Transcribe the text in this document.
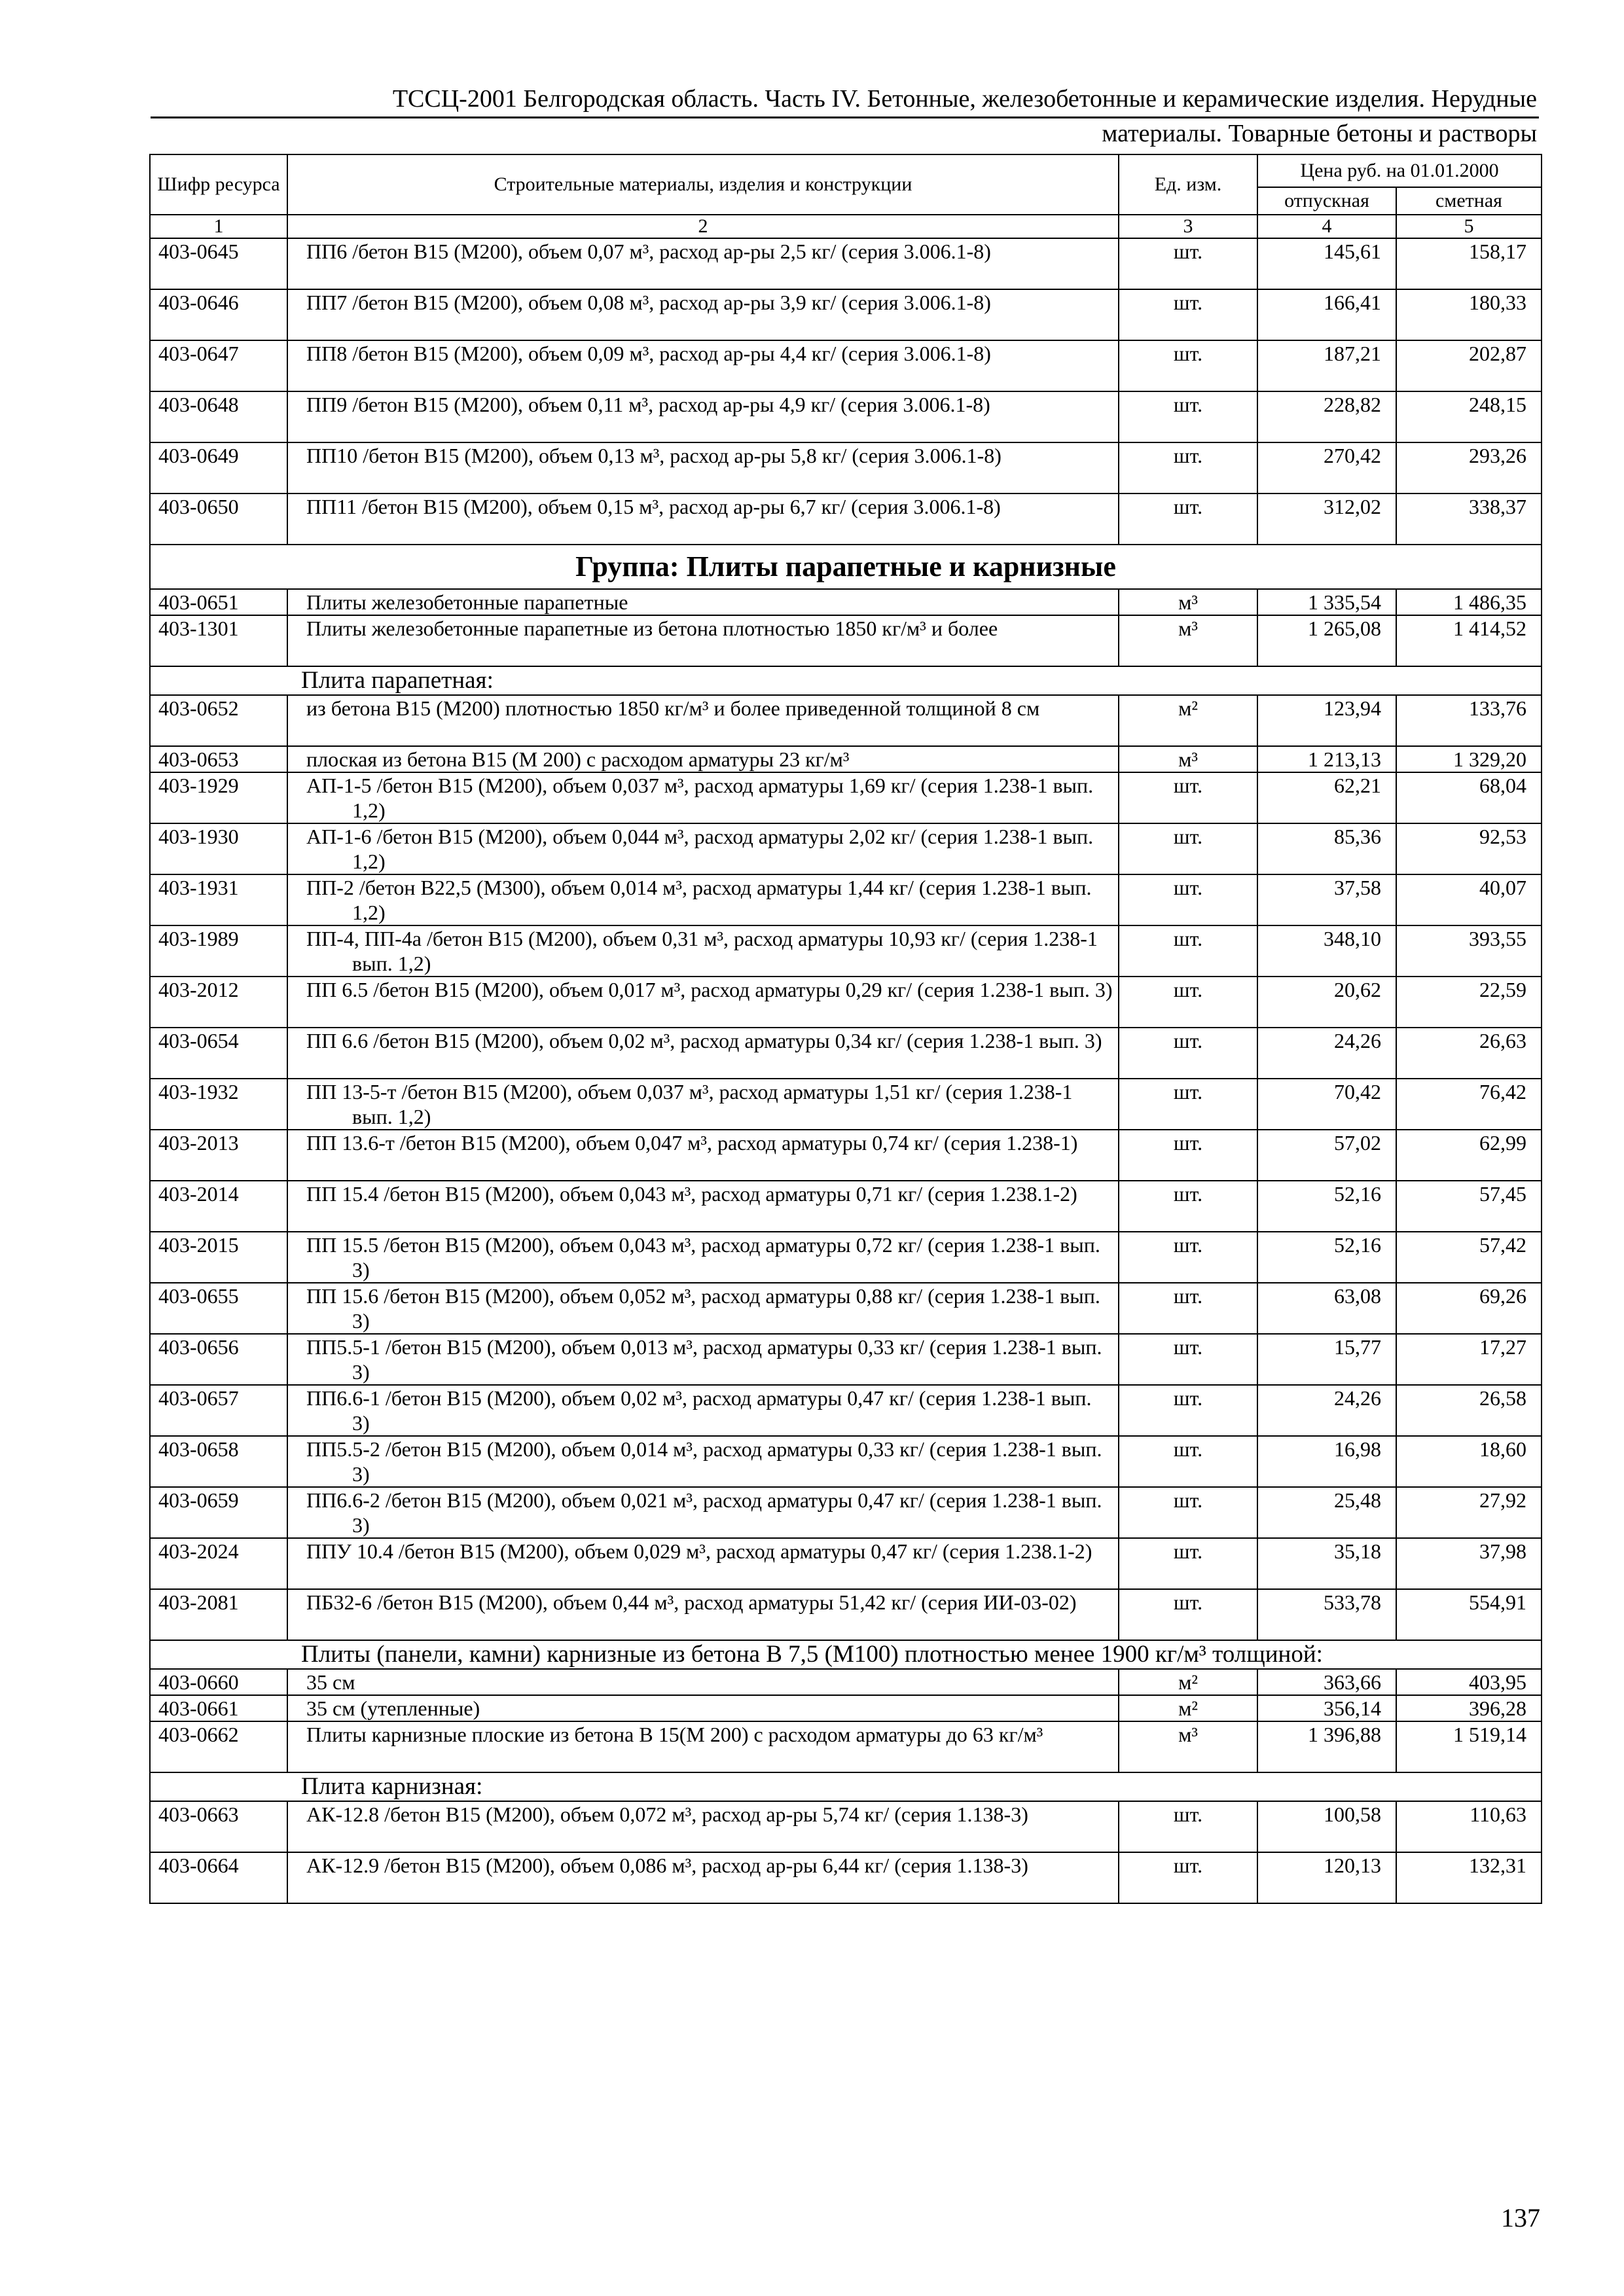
ТССЦ-2001 Белгородская область. Часть IV. Бетонные, железобетонные и керамические изделия. Нерудные
материалы. Товарные бетоны и растворы
Шифр ресурса	Строительные материалы, изделия и конструкции	Ед. изм.	Цена руб. на 01.01.2000	
			отпускная	сметная
1	2	3	4	5
403-0645	ПП6 /бетон В15 (М200), объем 0,07 м³, расход ар-ры 2,5 кг/ (серия 3.006.1-8)	шт.	145,61	158,17
403-0646	ПП7 /бетон В15 (М200), объем 0,08 м³, расход ар-ры 3,9 кг/ (серия 3.006.1-8)	шт.	166,41	180,33
403-0647	ПП8 /бетон В15 (М200), объем 0,09 м³, расход ар-ры 4,4 кг/ (серия 3.006.1-8)	шт.	187,21	202,87
403-0648	ПП9 /бетон В15 (М200), объем 0,11 м³, расход ар-ры 4,9 кг/ (серия 3.006.1-8)	шт.	228,82	248,15
403-0649	ПП10 /бетон В15 (М200), объем 0,13 м³, расход ар-ры 5,8 кг/ (серия 3.006.1-8)	шт.	270,42	293,26
403-0650	ПП11 /бетон В15 (М200), объем 0,15 м³, расход ар-ры 6,7 кг/ (серия 3.006.1-8)	шт.	312,02	338,37
Группа: Плиты парапетные и карнизные				
403-0651	Плиты железобетонные парапетные	м³	1 335,54	1 486,35
403-1301	Плиты железобетонные парапетные из бетона плотностью 1850 кг/м³ и более	м³	1 265,08	1 414,52
Плита парапетная:				
403-0652	из бетона В15 (М200) плотностью 1850 кг/м³ и более приведенной толщиной 8 см	м²	123,94	133,76
403-0653	плоская из бетона В15 (М 200) с расходом арматуры 23 кг/м³	м³	1 213,13	1 329,20
403-1929	АП-1-5 /бетон В15 (М200), объем 0,037 м³, расход арматуры 1,69 кг/ (серия 1.238-1 вып. 1,2)	шт.	62,21	68,04
403-1930	АП-1-6 /бетон В15 (М200), объем 0,044 м³, расход арматуры 2,02 кг/ (серия 1.238-1 вып. 1,2)	шт.	85,36	92,53
403-1931	ПП-2 /бетон В22,5 (М300), объем 0,014 м³, расход арматуры 1,44 кг/ (серия 1.238-1 вып. 1,2)	шт.	37,58	40,07
403-1989	ПП-4, ПП-4а /бетон В15 (М200), объем 0,31 м³, расход арматуры 10,93 кг/ (серия 1.238-1 вып. 1,2)	шт.	348,10	393,55
403-2012	ПП 6.5 /бетон В15 (М200), объем 0,017 м³, расход арматуры 0,29 кг/ (серия 1.238-1 вып. 3)	шт.	20,62	22,59
403-0654	ПП 6.6 /бетон В15 (М200), объем 0,02 м³, расход арматуры 0,34 кг/ (серия 1.238-1 вып. 3)	шт.	24,26	26,63
403-1932	ПП 13-5-т /бетон В15 (М200), объем 0,037 м³, расход арматуры 1,51 кг/ (серия 1.238-1 вып. 1,2)	шт.	70,42	76,42
403-2013	ПП 13.6-т /бетон В15 (М200), объем 0,047 м³, расход арматуры 0,74 кг/ (серия 1.238-1)	шт.	57,02	62,99
403-2014	ПП 15.4 /бетон В15 (М200), объем 0,043 м³, расход арматуры 0,71 кг/ (серия 1.238.1-2)	шт.	52,16	57,45
403-2015	ПП 15.5 /бетон В15 (М200), объем 0,043 м³, расход арматуры 0,72 кг/ (серия 1.238-1 вып. 3)	шт.	52,16	57,42
403-0655	ПП 15.6 /бетон В15 (М200), объем 0,052 м³, расход арматуры 0,88 кг/ (серия 1.238-1 вып. 3)	шт.	63,08	69,26
403-0656	ПП5.5-1 /бетон В15 (М200), объем 0,013 м³, расход арматуры 0,33 кг/ (серия 1.238-1 вып. 3)	шт.	15,77	17,27
403-0657	ПП6.6-1 /бетон В15 (М200), объем 0,02 м³, расход арматуры 0,47 кг/ (серия 1.238-1 вып. 3)	шт.	24,26	26,58
403-0658	ПП5.5-2 /бетон В15 (М200), объем 0,014 м³, расход арматуры 0,33 кг/ (серия 1.238-1 вып. 3)	шт.	16,98	18,60
403-0659	ПП6.6-2 /бетон В15 (М200), объем 0,021 м³, расход арматуры 0,47 кг/ (серия 1.238-1 вып. 3)	шт.	25,48	27,92
403-2024	ППУ 10.4 /бетон В15 (М200), объем 0,029 м³, расход арматуры 0,47 кг/ (серия 1.238.1-2)	шт.	35,18	37,98
403-2081	ПБ32-6 /бетон В15 (М200), объем 0,44 м³, расход арматуры 51,42 кг/ (серия ИИ-03-02)	шт.	533,78	554,91
Плиты (панели, камни) карнизные из бетона В 7,5 (М100) плотностью менее 1900 кг/м³ толщиной:				
403-0660	35 см	м²	363,66	403,95
403-0661	35 см (утепленные)	м²	356,14	396,28
403-0662	Плиты карнизные плоские из бетона В 15(М 200) с расходом арматуры до 63 кг/м³	м³	1 396,88	1 519,14
Плита карнизная:				
403-0663	АК-12.8 /бетон В15 (М200), объем 0,072 м³, расход ар-ры 5,74 кг/ (серия 1.138-3)	шт.	100,58	110,63
403-0664	АК-12.9 /бетон В15 (М200), объем 0,086 м³, расход ар-ры 6,44 кг/ (серия 1.138-3)	шт.	120,13	132,31
137
